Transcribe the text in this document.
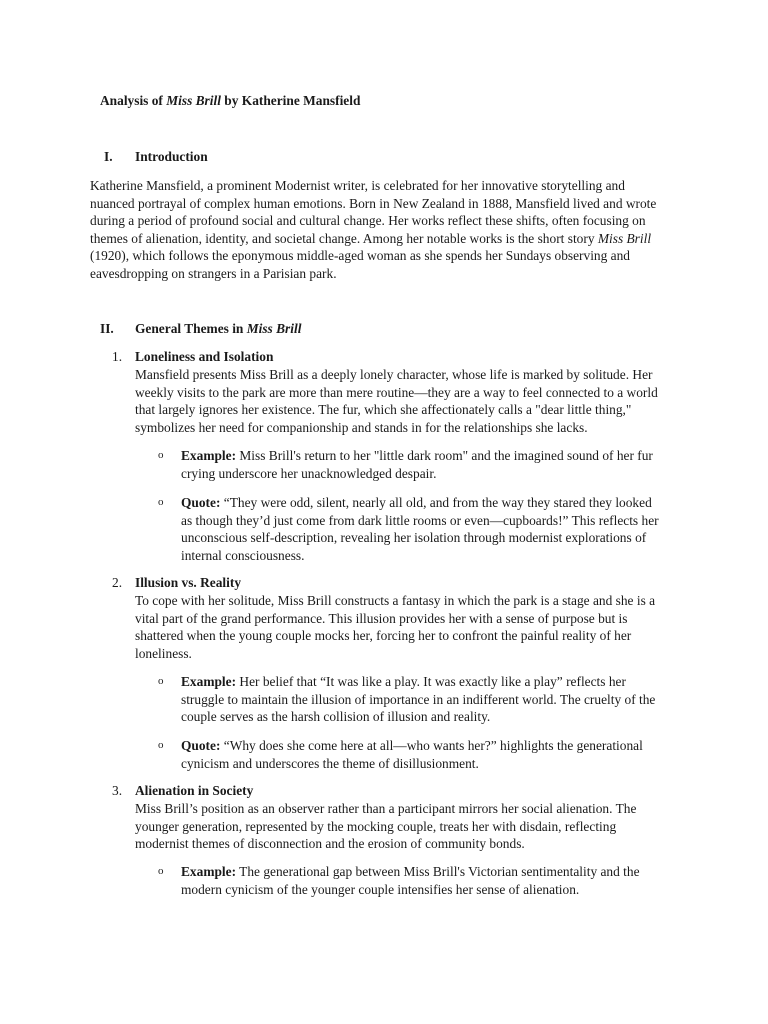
Analysis of Miss Brill by Katherine Mansfield
I. Introduction
Katherine Mansfield, a prominent Modernist writer, is celebrated for her innovative storytelling and
nuanced portrayal of complex human emotions. Born in New Zealand in 1888, Mansfield lived and wrote
during a period of profound social and cultural change. Her works reflect these shifts, often focusing on
themes of alienation, identity, and societal change. Among her notable works is the short story Miss Brill
(1920), which follows the eponymous middle-aged woman as she spends her Sundays observing and
eavesdropping on strangers in a Parisian park.
II. General Themes in Miss Brill
1. Loneliness and Isolation
Mansfield presents Miss Brill as a deeply lonely character, whose life is marked by solitude. Her
weekly visits to the park are more than mere routine—they are a way to feel connected to a world
that largely ignores her existence. The fur, which she affectionately calls a "dear little thing,"
symbolizes her need for companionship and stands in for the relationships she lacks.
o Example: Miss Brill's return to her "little dark room" and the imagined sound of her fur
crying underscore her unacknowledged despair.
o Quote: “They were odd, silent, nearly all old, and from the way they stared they looked
as though they’d just come from dark little rooms or even—cupboards!” This reflects her
unconscious self-description, revealing her isolation through modernist explorations of
internal consciousness.
2. Illusion vs. Reality
To cope with her solitude, Miss Brill constructs a fantasy in which the park is a stage and she is a
vital part of the grand performance. This illusion provides her with a sense of purpose but is
shattered when the young couple mocks her, forcing her to confront the painful reality of her
loneliness.
o Example: Her belief that “It was like a play. It was exactly like a play” reflects her
struggle to maintain the illusion of importance in an indifferent world. The cruelty of the
couple serves as the harsh collision of illusion and reality.
o Quote: “Why does she come here at all—who wants her?” highlights the generational
cynicism and underscores the theme of disillusionment.
3. Alienation in Society
Miss Brill’s position as an observer rather than a participant mirrors her social alienation. The
younger generation, represented by the mocking couple, treats her with disdain, reflecting
modernist themes of disconnection and the erosion of community bonds.
o Example: The generational gap between Miss Brill's Victorian sentimentality and the
modern cynicism of the younger couple intensifies her sense of alienation.
